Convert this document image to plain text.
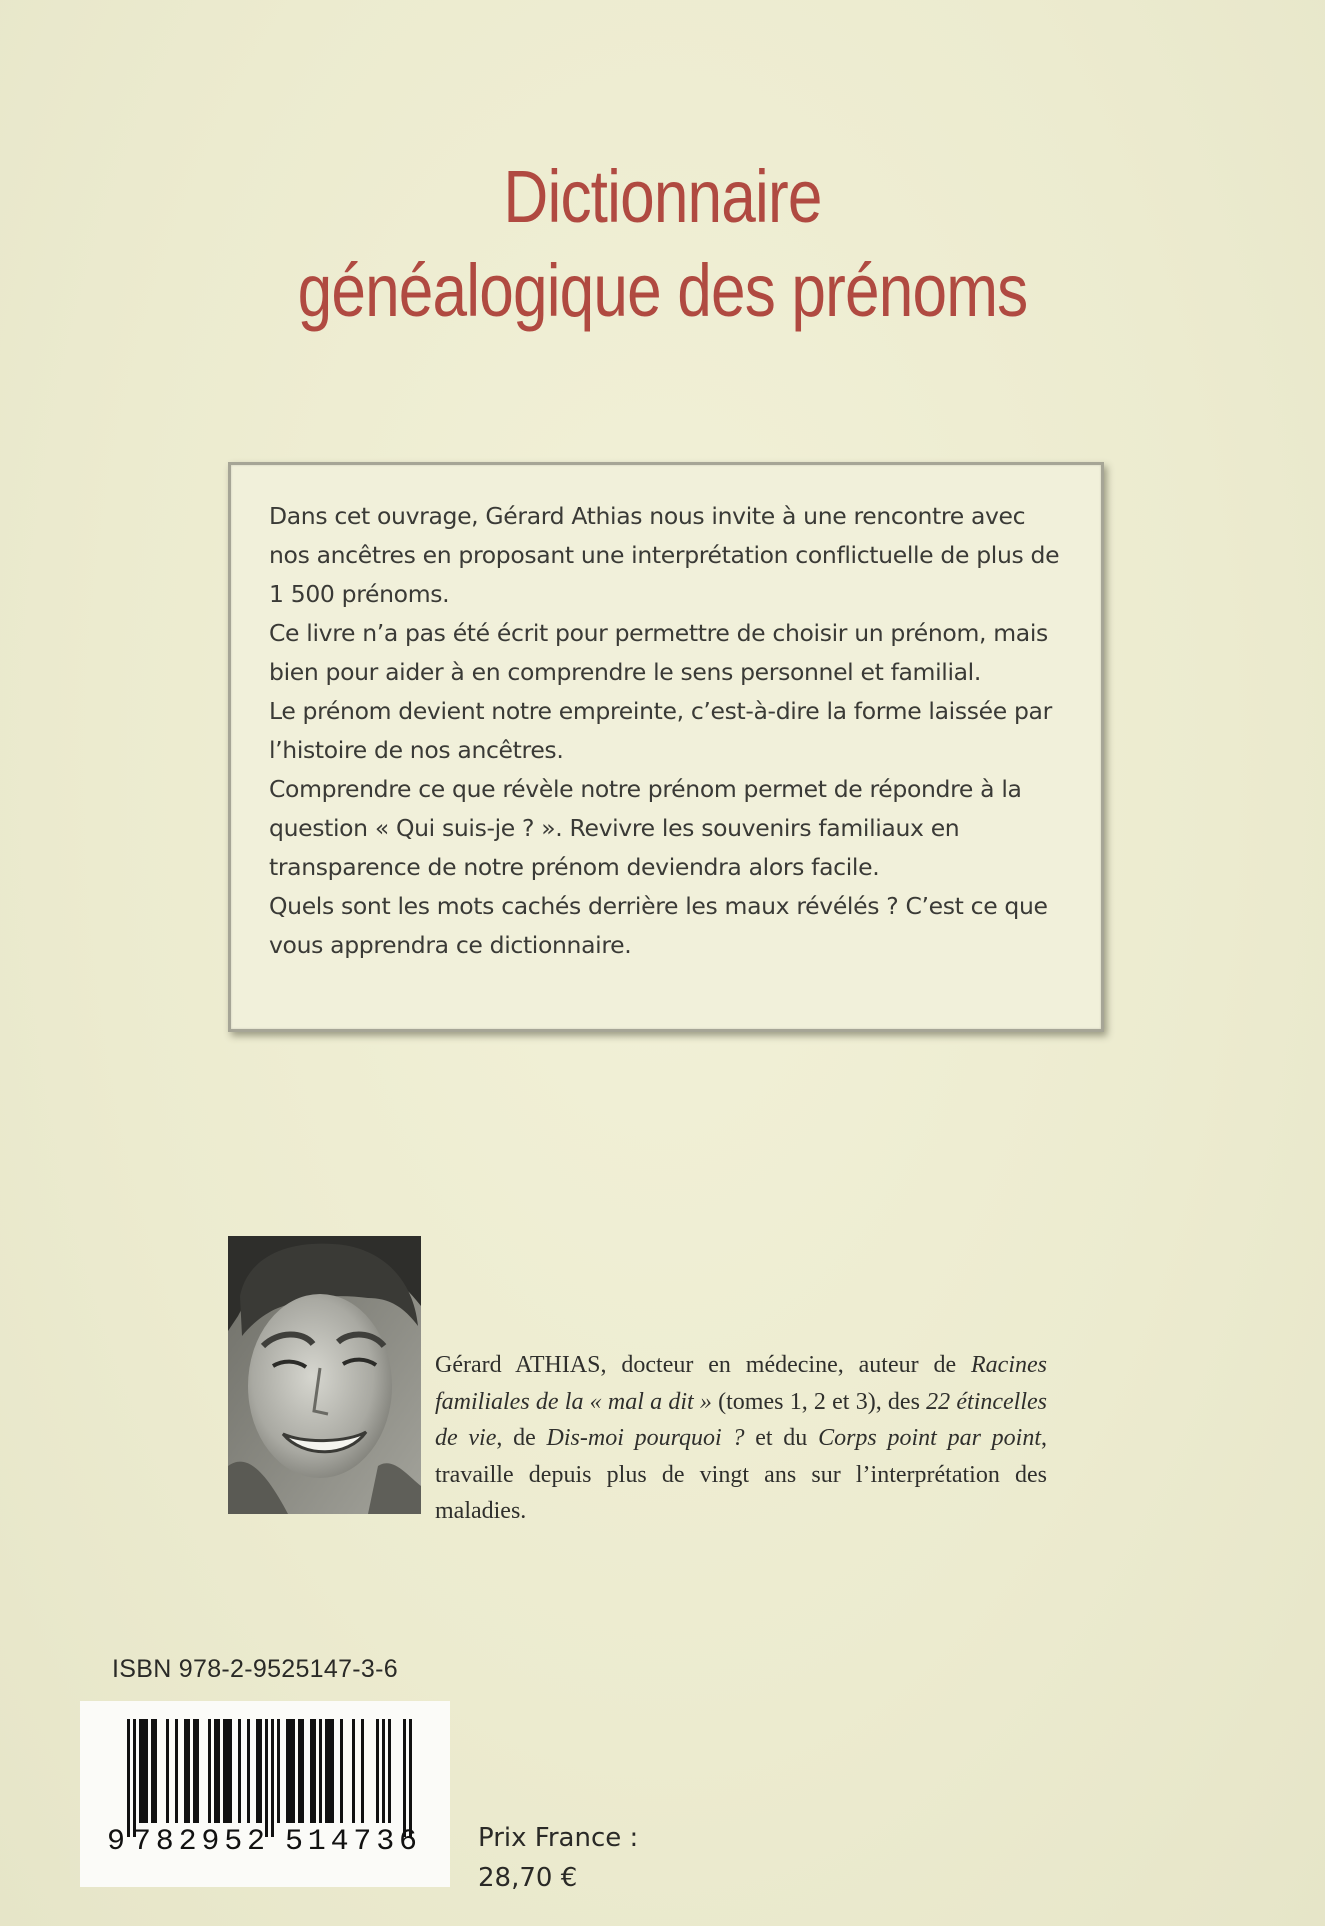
Dictionnaire
généalogique des prénoms

Dans cet ouvrage, Gérard Athias nous invite à une rencontre avec nos ancêtres en proposant une interprétation conflictuelle de plus de 1 500 prénoms.

Ce livre n’a pas été écrit pour permettre de choisir un prénom, mais bien pour aider à en comprendre le sens personnel et familial.

Le prénom devient notre empreinte, c’est-à-dire la forme laissée par l’histoire de nos ancêtres.

Comprendre ce que révèle notre prénom permet de répondre à la question « Qui suis-je ? ». Revivre les souvenirs familiaux en transparence de notre prénom deviendra alors facile.

Quels sont les mots cachés derrière les maux révélés ? C’est ce que vous apprendra ce dictionnaire.

Gérard ATHIAS, docteur en médecine, auteur de Racines familiales de la « mal a dit » (tomes 1, 2 et 3), des 22 étincelles de vie, de Dis-moi pourquoi ? et du Corps point par point, travaille depuis plus de vingt ans sur l’interprétation des maladies.
ISBN 978-2-9525147-3-6
9 782952 514736 Prix France :
28,70 €
